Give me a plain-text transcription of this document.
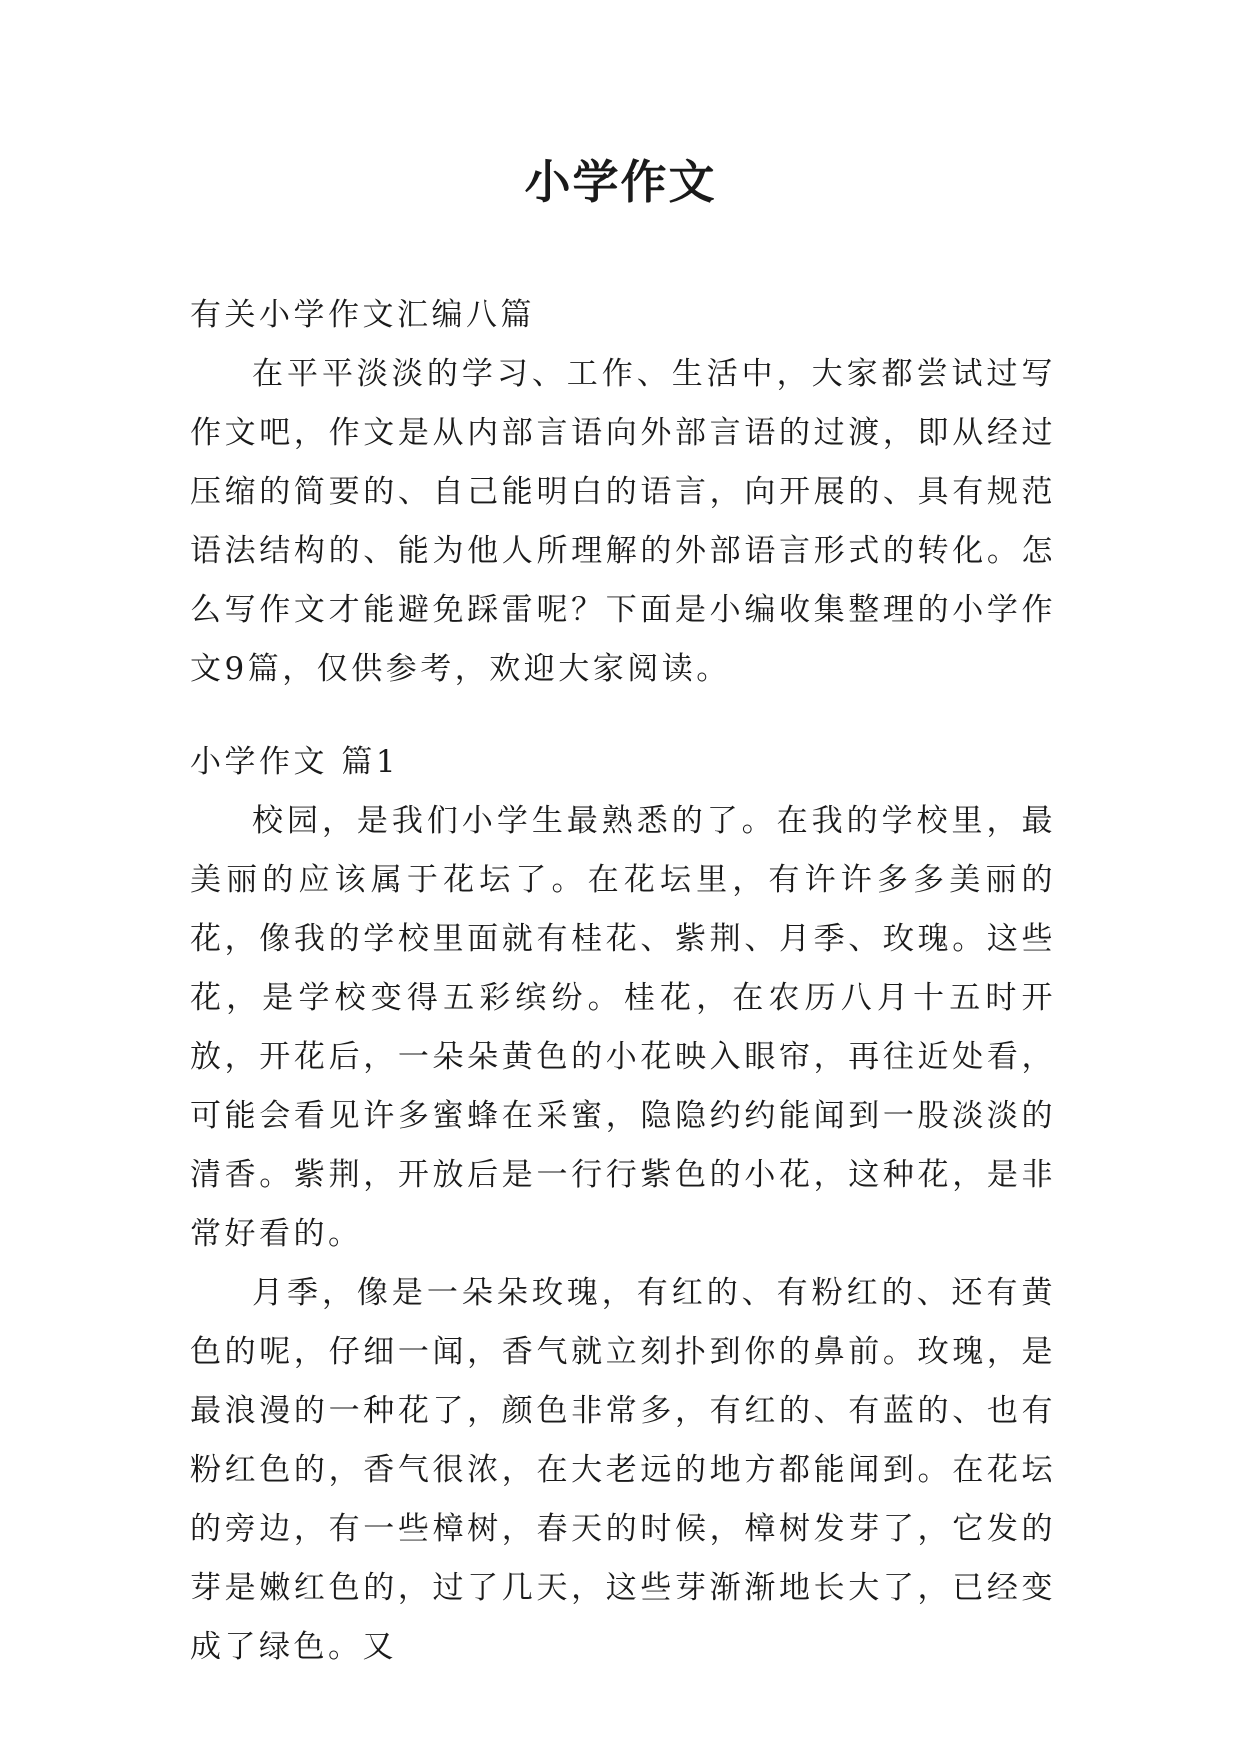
小学作文

有关小学作文汇编八篇

在平平淡淡的学习、工作、生活中，大家都尝试过写作文吧，作文是从内部言语向外部言语的过渡，即从经过压缩的简要的、自己能明白的语言，向开展的、具有规范语法结构的、能为他人所理解的外部语言形式的转化。怎么写作文才能避免踩雷呢？下面是小编收集整理的小学作文9篇，仅供参考，欢迎大家阅读。

小学作文 篇1

校园，是我们小学生最熟悉的了。在我的学校里，最美丽的应该属于花坛了。在花坛里，有许许多多美丽的花，像我的学校里面就有桂花、紫荆、月季、玫瑰。这些花，是学校变得五彩缤纷。桂花，在农历八月十五时开放，开花后，一朵朵黄色的小花映入眼帘，再往近处看，可能会看见许多蜜蜂在采蜜，隐隐约约能闻到一股淡淡的清香。紫荆，开放后是一行行紫色的小花，这种花，是非常好看的。

月季，像是一朵朵玫瑰，有红的、有粉红的、还有黄色的呢，仔细一闻，香气就立刻扑到你的鼻前。玫瑰，是最浪漫的一种花了，颜色非常多，有红的、有蓝的、也有粉红色的，香气很浓，在大老远的地方都能闻到。在花坛的旁边，有一些樟树，春天的时候，樟树发芽了，它发的芽是嫩红色的，过了几天，这些芽渐渐地长大了，已经变成了绿色。又
